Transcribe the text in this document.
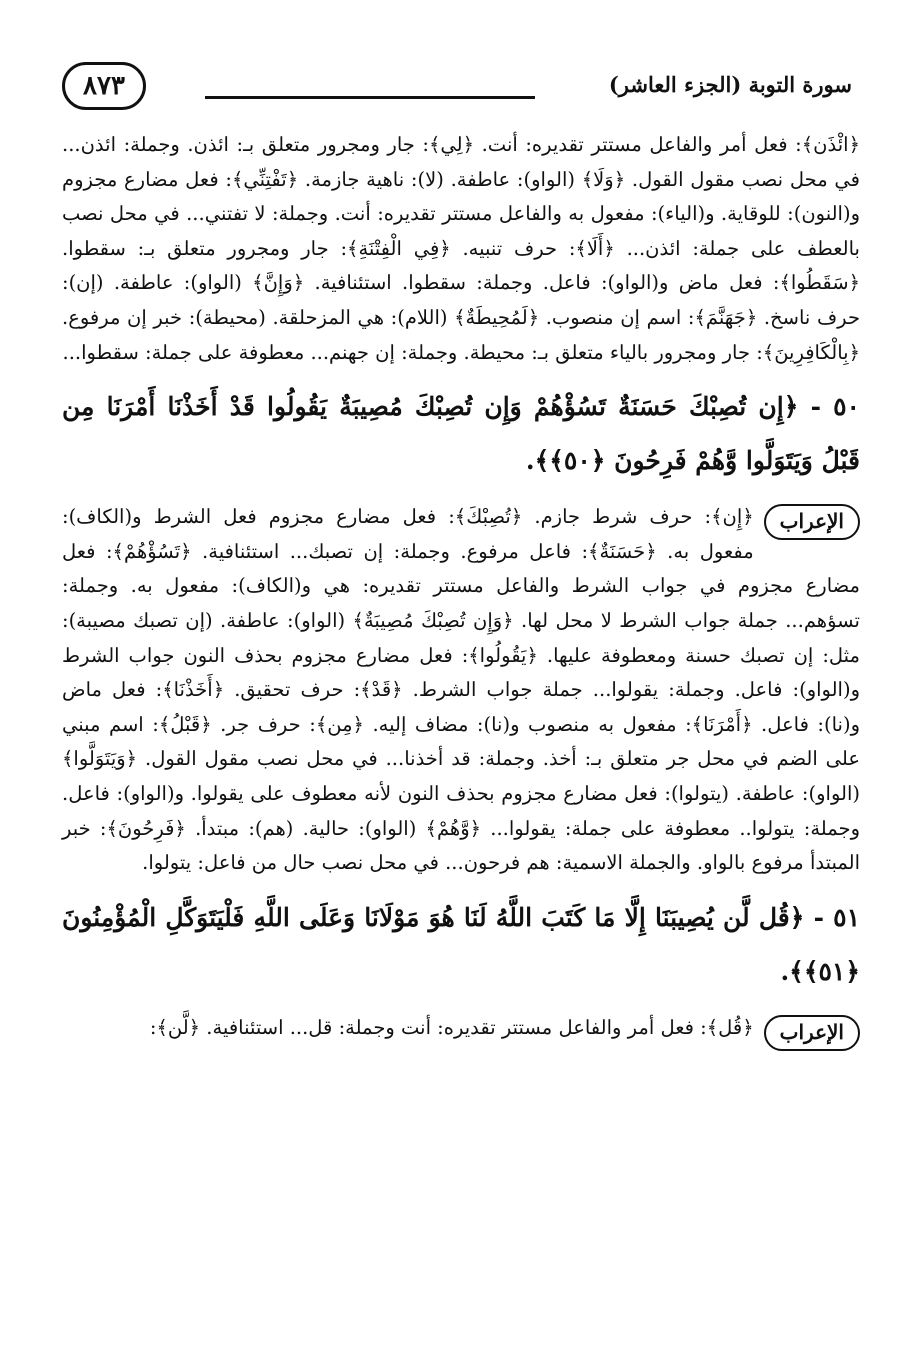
٨٧٣	سورة التوبة (الجزء العاشر)

﴿ائْذَن﴾: فعل أمر والفاعل مستتر تقديره: أنت. ﴿لِي﴾: جار ومجرور متعلق بـ: ائذن. وجملة: ائذن... في محل نصب مقول القول. ﴿وَلَا﴾ (الواو): عاطفة. (لا): ناهية جازمة. ﴿تَفْتِنِّي﴾: فعل مضارع مجزوم و(النون): للوقاية. و(الياء): مفعول به والفاعل مستتر تقديره: أنت. وجملة: لا تفتني... في محل نصب بالعطف على جملة: ائذن... ﴿أَلَا﴾: حرف تنبيه. ﴿فِي الْفِتْنَةِ﴾: جار ومجرور متعلق بـ: سقطوا. ﴿سَقَطُوا﴾: فعل ماض و(الواو): فاعل. وجملة: سقطوا. استئنافية. ﴿وَإِنَّ﴾ (الواو): عاطفة. (إن): حرف ناسخ. ﴿جَهَنَّمَ﴾: اسم إن منصوب. ﴿لَمُحِيطَةٌ﴾ (اللام): هي المزحلقة. (محيطة): خبر إن مرفوع. ﴿بِالْكَافِرِينَ﴾: جار ومجرور بالياء متعلق بـ: محيطة. وجملة: إن جهنم... معطوفة على جملة: سقطوا...

٥٠ - ﴿إِن تُصِبْكَ حَسَنَةٌ تَسُؤْهُمْ وَإِن تُصِبْكَ مُصِيبَةٌ يَقُولُوا قَدْ أَخَذْنَا أَمْرَنَا مِن قَبْلُ وَيَتَوَلَّوا وَّهُمْ فَرِحُونَ ﴿٥٠﴾﴾.

الإعراب
﴿إِن﴾: حرف شرط جازم. ﴿تُصِبْكَ﴾: فعل مضارع مجزوم فعل الشرط و(الكاف): مفعول به. ﴿حَسَنَةٌ﴾: فاعل مرفوع. وجملة: إن تصبك... استئنافية. ﴿تَسُؤْهُمْ﴾: فعل مضارع مجزوم في جواب الشرط والفاعل مستتر تقديره: هي و(الكاف): مفعول به. وجملة: تسؤهم... جملة جواب الشرط لا محل لها. ﴿وَإِن تُصِبْكَ مُصِيبَةٌ﴾ (الواو): عاطفة. (إن تصبك مصيبة): مثل: إن تصبك حسنة ومعطوفة عليها. ﴿يَقُولُوا﴾: فعل مضارع مجزوم بحذف النون جواب الشرط و(الواو): فاعل. وجملة: يقولوا... جملة جواب الشرط. ﴿قَدْ﴾: حرف تحقيق. ﴿أَخَذْنَا﴾: فعل ماض و(نا): فاعل. ﴿أَمْرَنَا﴾: مفعول به منصوب و(نا): مضاف إليه. ﴿مِن﴾: حرف جر. ﴿قَبْلُ﴾: اسم مبني على الضم في محل جر متعلق بـ: أخذ. وجملة: قد أخذنا... في محل نصب مقول القول. ﴿وَيَتَوَلَّوا﴾ (الواو): عاطفة. (يتولوا): فعل مضارع مجزوم بحذف النون لأنه معطوف على يقولوا. و(الواو): فاعل. وجملة: يتولوا.. معطوفة على جملة: يقولوا... ﴿وَّهُمْ﴾ (الواو): حالية. (هم): مبتدأ. ﴿فَرِحُونَ﴾: خبر المبتدأ مرفوع بالواو. والجملة الاسمية: هم فرحون... في محل نصب حال من فاعل: يتولوا.

٥١ - ﴿قُل لَّن يُصِيبَنَا إِلَّا مَا كَتَبَ اللَّهُ لَنَا هُوَ مَوْلَانَا وَعَلَى اللَّهِ فَلْيَتَوَكَّلِ الْمُؤْمِنُونَ ﴿٥١﴾﴾.

الإعراب
﴿قُل﴾: فعل أمر والفاعل مستتر تقديره: أنت وجملة: قل... استئنافية. ﴿لَّن﴾:
